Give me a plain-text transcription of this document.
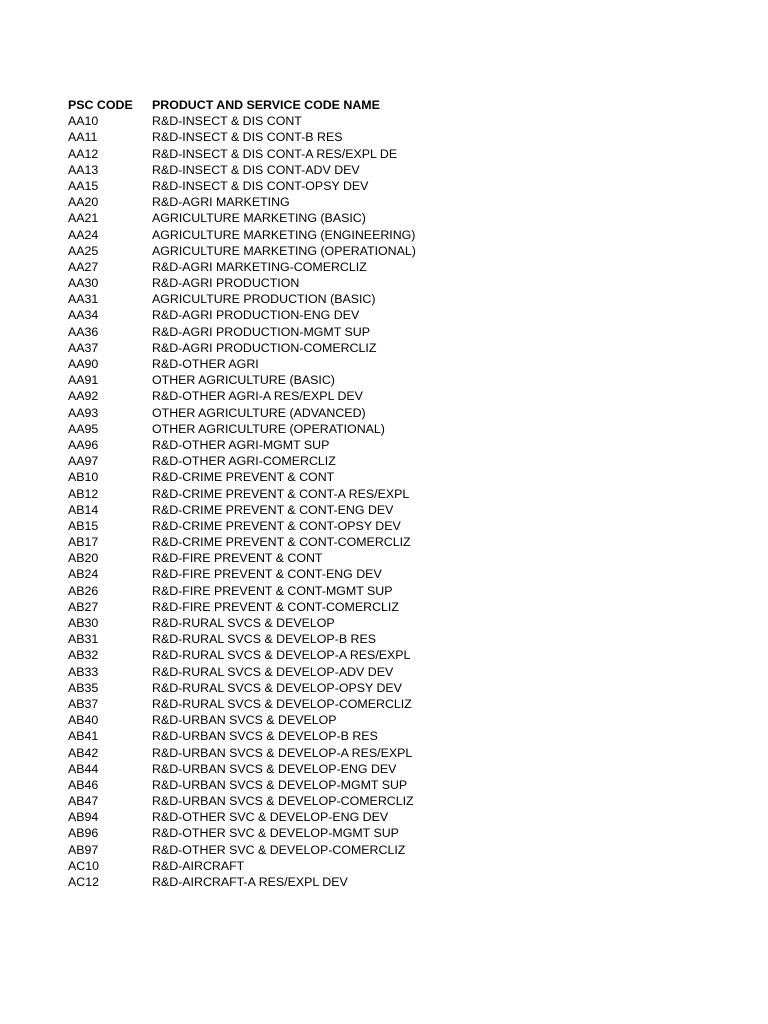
PSC CODE	PRODUCT AND SERVICE CODE NAME
AA10	R&D-INSECT & DIS CONT
AA11	R&D-INSECT & DIS CONT-B RES
AA12	R&D-INSECT & DIS CONT-A RES/EXPL DE
AA13	R&D-INSECT & DIS CONT-ADV DEV
AA15	R&D-INSECT & DIS CONT-OPSY DEV
AA20	R&D-AGRI MARKETING
AA21	AGRICULTURE MARKETING (BASIC)
AA24	AGRICULTURE MARKETING (ENGINEERING)
AA25	AGRICULTURE MARKETING (OPERATIONAL)
AA27	R&D-AGRI MARKETING-COMERCLIZ
AA30	R&D-AGRI PRODUCTION
AA31	AGRICULTURE PRODUCTION (BASIC)
AA34	R&D-AGRI PRODUCTION-ENG DEV
AA36	R&D-AGRI PRODUCTION-MGMT SUP
AA37	R&D-AGRI PRODUCTION-COMERCLIZ
AA90	R&D-OTHER AGRI
AA91	OTHER AGRICULTURE (BASIC)
AA92	R&D-OTHER AGRI-A RES/EXPL DEV
AA93	OTHER AGRICULTURE (ADVANCED)
AA95	OTHER AGRICULTURE (OPERATIONAL)
AA96	R&D-OTHER AGRI-MGMT SUP
AA97	R&D-OTHER AGRI-COMERCLIZ
AB10	R&D-CRIME PREVENT & CONT
AB12	R&D-CRIME PREVENT & CONT-A RES/EXPL
AB14	R&D-CRIME PREVENT & CONT-ENG DEV
AB15	R&D-CRIME PREVENT & CONT-OPSY DEV
AB17	R&D-CRIME PREVENT & CONT-COMERCLIZ
AB20	R&D-FIRE PREVENT & CONT
AB24	R&D-FIRE PREVENT & CONT-ENG DEV
AB26	R&D-FIRE PREVENT & CONT-MGMT SUP
AB27	R&D-FIRE PREVENT & CONT-COMERCLIZ
AB30	R&D-RURAL SVCS & DEVELOP
AB31	R&D-RURAL SVCS & DEVELOP-B RES
AB32	R&D-RURAL SVCS & DEVELOP-A RES/EXPL
AB33	R&D-RURAL SVCS & DEVELOP-ADV DEV
AB35	R&D-RURAL SVCS & DEVELOP-OPSY DEV
AB37	R&D-RURAL SVCS & DEVELOP-COMERCLIZ
AB40	R&D-URBAN SVCS & DEVELOP
AB41	R&D-URBAN SVCS & DEVELOP-B RES
AB42	R&D-URBAN SVCS & DEVELOP-A RES/EXPL
AB44	R&D-URBAN SVCS & DEVELOP-ENG DEV
AB46	R&D-URBAN SVCS & DEVELOP-MGMT SUP
AB47	R&D-URBAN SVCS & DEVELOP-COMERCLIZ
AB94	R&D-OTHER SVC & DEVELOP-ENG DEV
AB96	R&D-OTHER SVC & DEVELOP-MGMT SUP
AB97	R&D-OTHER SVC & DEVELOP-COMERCLIZ
AC10	R&D-AIRCRAFT
AC12	R&D-AIRCRAFT-A RES/EXPL DEV
